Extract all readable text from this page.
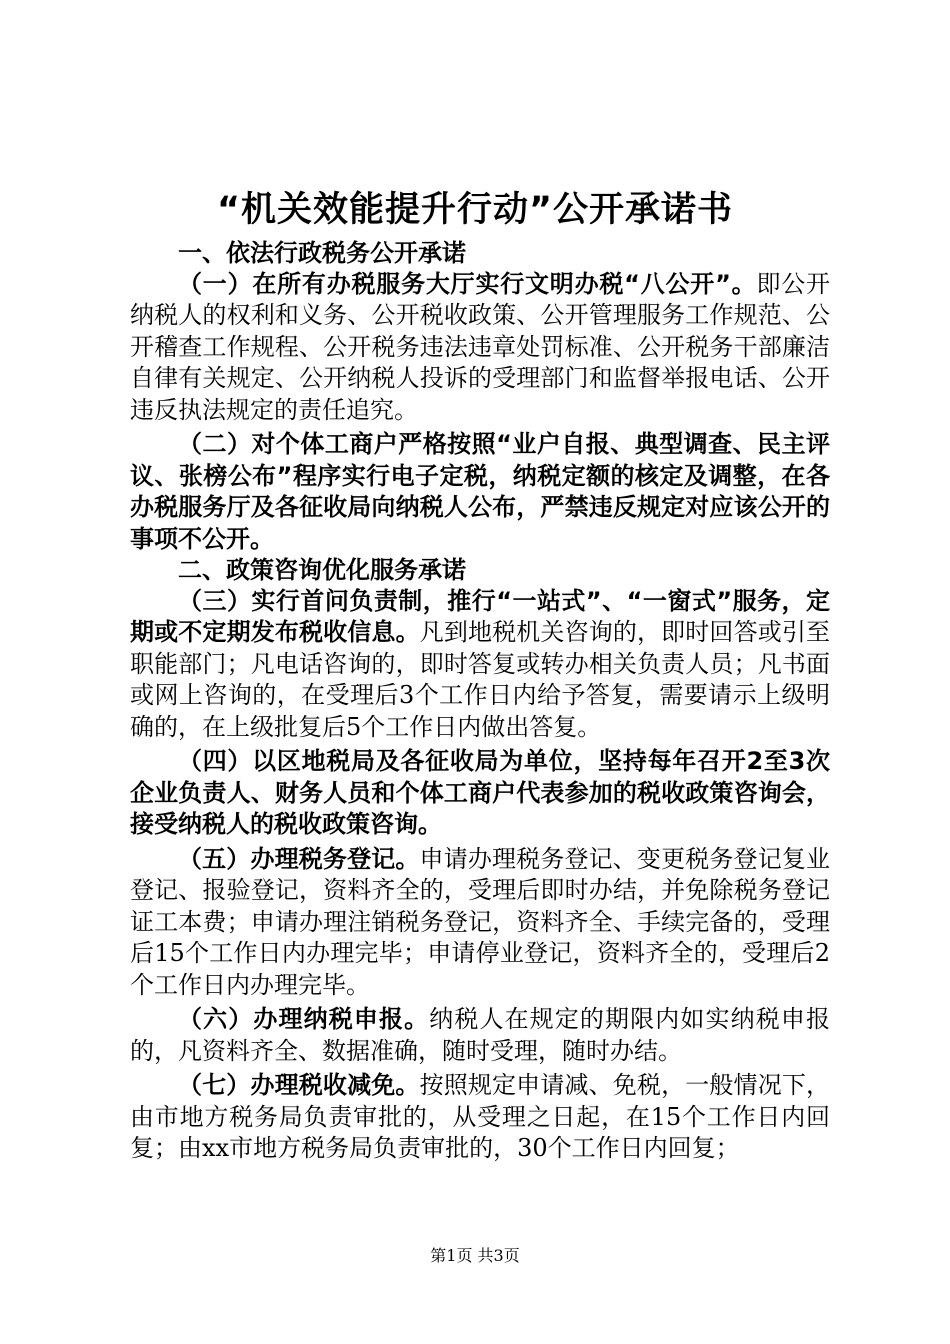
“机关效能提升行动”公开承诺书

一、依法行政税务公开承诺

（一）在所有办税服务大厅实行文明办税“八公开”。即公开纳税人的权利和义务、公开税收政策、公开管理服务工作规范、公开稽查工作规程、公开税务违法违章处罚标准、公开税务干部廉洁自律有关规定、公开纳税人投诉的受理部门和监督举报电话、公开违反执法规定的责任追究。

（二）对个体工商户严格按照“业户自报、典型调查、民主评议、张榜公布”程序实行电子定税，纳税定额的核定及调整，在各办税服务厅及各征收局向纳税人公布，严禁违反规定对应该公开的事项不公开。

二、政策咨询优化服务承诺

（三）实行首问负责制，推行“一站式”、“一窗式”服务，定期或不定期发布税收信息。凡到地税机关咨询的，即时回答或引至职能部门；凡电话咨询的，即时答复或转办相关负责人员；凡书面或网上咨询的，在受理后3个工作日内给予答复，需要请示上级明确的，在上级批复后5个工作日内做出答复。

（四）以区地税局及各征收局为单位，坚持每年召开2至3次企业负责人、财务人员和个体工商户代表参加的税收政策咨询会，接受纳税人的税收政策咨询。

（五）办理税务登记。申请办理税务登记、变更税务登记复业登记、报验登记，资料齐全的，受理后即时办结，并免除税务登记证工本费；申请办理注销税务登记，资料齐全、手续完备的，受理后15个工作日内办理完毕；申请停业登记，资料齐全的，受理后2个工作日内办理完毕。

（六）办理纳税申报。纳税人在规定的期限内如实纳税申报的，凡资料齐全、数据准确，随时受理，随时办结。

（七）办理税收减免。按照规定申请减、免税，一般情况下，由市地方税务局负责审批的，从受理之日起，在15个工作日内回复；由xx市地方税务局负责审批的，30个工作日内回复；

第1页 共3页
